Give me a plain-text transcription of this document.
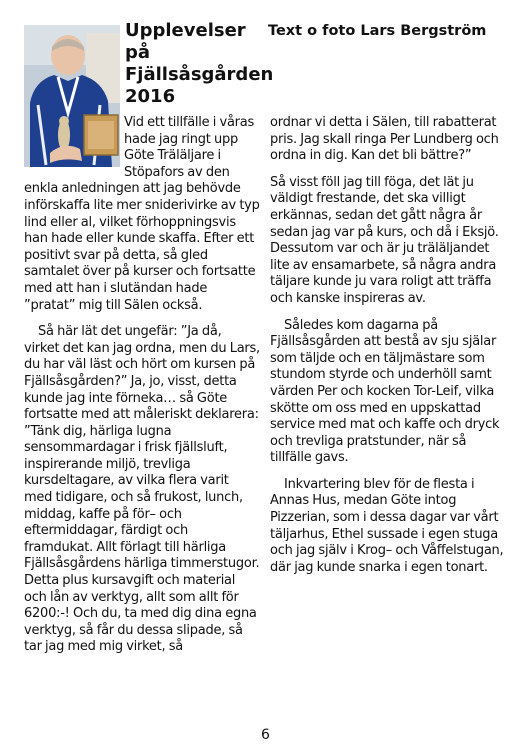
Upplevelser på Fjällsåsgården 2016
Text o foto Lars Bergström

Vid ett tillfälle i våras hade jag ringt upp Göte Träläljare i Stöpafors av den enkla anledningen att jag behövde införskaffa lite mer sniderivirke av typ lind eller al, vilket förhoppningsvis han hade eller kunde skaffa. Efter ett positivt svar på detta, så gled samtalet över på kurser och fortsatte med att han i slutändan hade ”pratat” mig till Sälen också.

Så här lät det ungefär: ”Ja då, virket det kan jag ordna, men du Lars, du har väl läst och hört om kursen på Fjällsåsgården?” Ja, jo, visst, detta kunde jag inte förneka… så Göte fortsatte med att måleriskt deklarera: ”Tänk dig, härliga lugna sensommardagar i frisk fjällsluft, inspirerande miljö, trevliga kursdeltagare, av vilka flera varit med tidigare, och så frukost, lunch, middag, kaffe på för– och eftermiddagar, färdigt och framdukat. Allt förlagt till härliga Fjällsåsgårdens härliga timmerstugor. Detta plus kursavgift och material och lån av verktyg, allt som allt för 6200:-! Och du, ta med dig dina egna verktyg, så får du dessa slipade, så tar jag med mig virket, så

ordnar vi detta i Sälen, till rabatterat pris. Jag skall ringa Per Lundberg och ordna in dig. Kan det bli bättre?”

Så visst föll jag till föga, det lät ju väldigt frestande, det ska villigt erkännas, sedan det gått några år sedan jag var på kurs, och då i Eksjö. Dessutom var och är ju träläljandet lite av ensamarbete, så några andra täljare kunde ju vara roligt att träffa och kanske inspireras av.

Således kom dagarna på Fjällsåsgården att bestå av sju själar som täljde och en täljmästare som stundom styrde och underhöll samt värden Per och kocken Tor-Leif, vilka skötte om oss med en uppskattad service med mat och kaffe och dryck och trevliga pratstunder, när så tillfälle gavs.

Inkvartering blev för de flesta i Annas Hus, medan Göte intog Pizzerian, som i dessa dagar var vårt täljarhus, Ethel sussade i egen stuga och jag själv i Krog– och Våffelstugan, där jag kunde snarka i egen tonart.

6
